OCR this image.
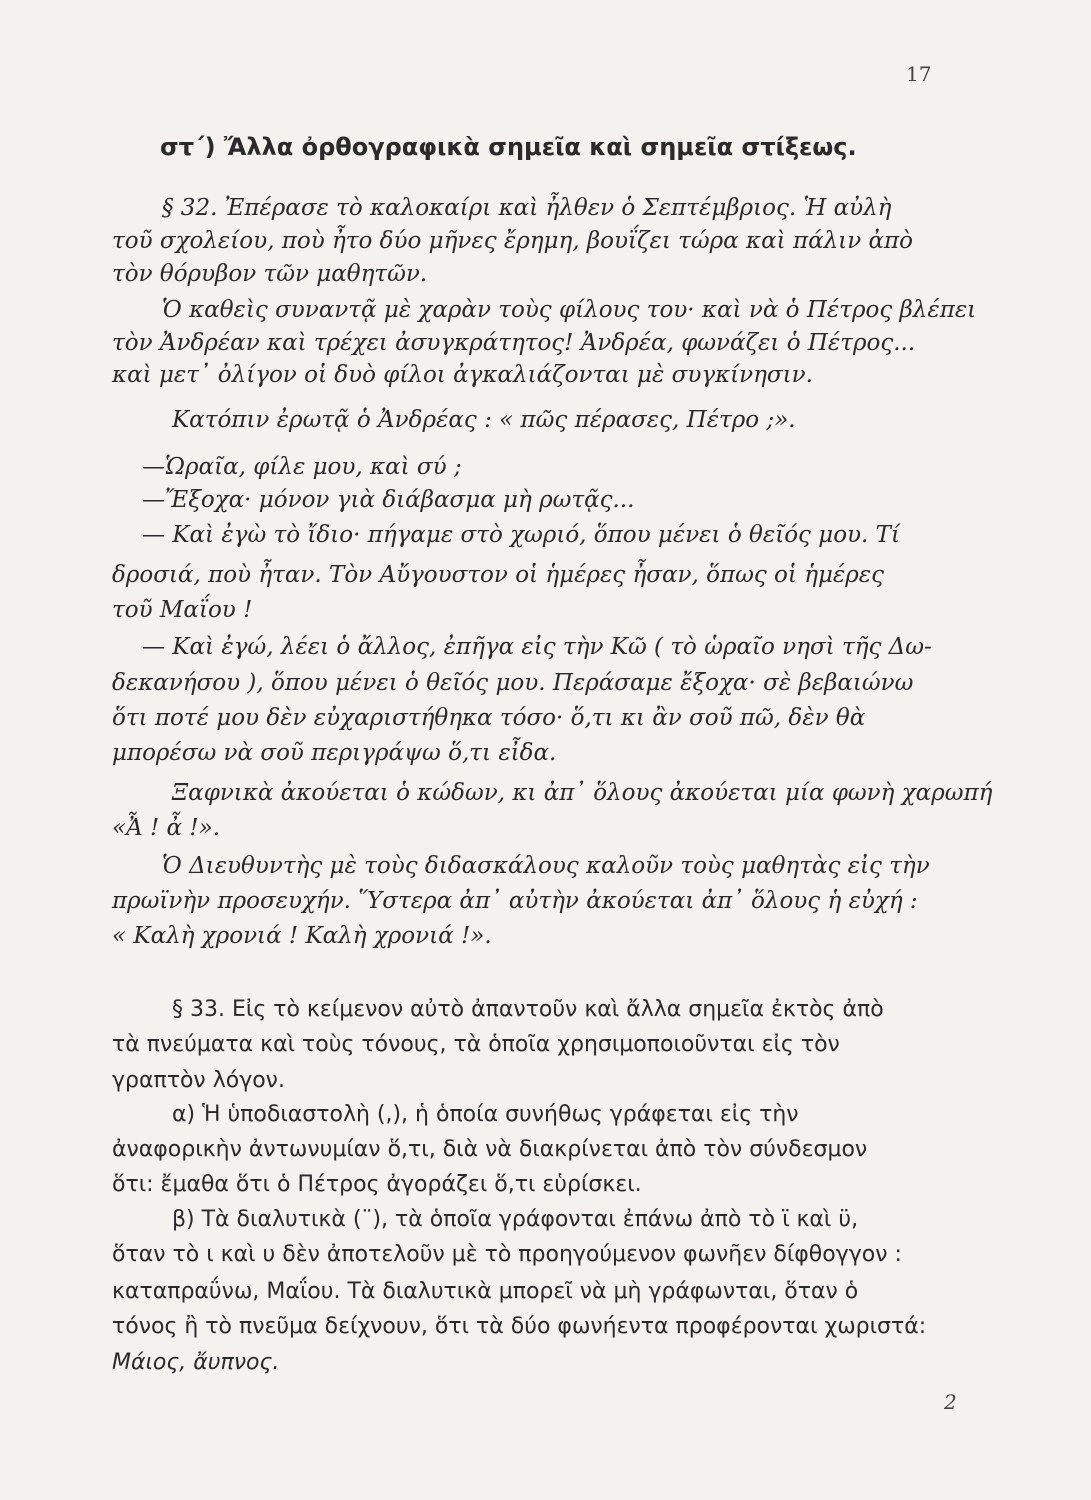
17
στ΄) Ἄλλα ὀρθογραφικὰ σημεῖα καὶ σημεῖα στίξεως.
§ 32. Ἐπέρασε τὸ καλοκαίρι καὶ ἦλθεν ὁ Σεπτέμβριος. Ἡ αὐλὴ
τοῦ σχολείου, ποὺ ἦτο δύο μῆνες ἔρημη, βουΐζει τώρα καὶ πάλιν ἀπὸ
τὸν θόρυβον τῶν μαθητῶν.
Ὁ καθεὶς συναντᾷ μὲ χαρὰν τοὺς φίλους του· καὶ νὰ ὁ Πέτρος βλέπει
τὸν Ἀνδρέαν καὶ τρέχει ἀσυγκράτητος! Ἀνδρέα, φωνάζει ὁ Πέτρος...
καὶ μετ᾽ ὀλίγον οἱ δυὸ φίλοι ἀγκαλιάζονται μὲ συγκίνησιν.
Κατόπιν ἐρωτᾷ ὁ Ἀνδρέας : « πῶς πέρασες, Πέτρο ;».
—Ὡραῖα, φίλε μου, καὶ σύ ;
—Ἔξοχα· μόνον γιὰ διάβασμα μὴ ρωτᾷς...
— Καὶ ἐγὼ τὸ ἴδιο· πήγαμε στὸ χωριό, ὅπου μένει ὁ θεῖός μου. Τί
δροσιά, ποὺ ἦταν. Τὸν Αὔγουστον οἱ ἡμέρες ἦσαν, ὅπως οἱ ἡμέρες
τοῦ Μαΐου !
— Καὶ ἐγώ, λέει ὁ ἄλλος, ἐπῆγα εἰς τὴν Κῶ ( τὸ ὡραῖο νησὶ τῆς Δω-
δεκανήσου ), ὅπου μένει ὁ θεῖός μου. Περάσαμε ἔξοχα· σὲ βεβαιώνω
ὅτι ποτέ μου δὲν εὐχαριστήθηκα τόσο· ὅ,τι κι ἂν σοῦ πῶ, δὲν θὰ
μπορέσω νὰ σοῦ περιγράψω ὅ,τι εἶδα.
Ξαφνικὰ ἀκούεται ὁ κώδων, κι ἀπ᾽ ὅλους ἀκούεται μία φωνὴ χαρωπή
«Ἆ ! ἆ !».
Ὁ Διευθυντὴς μὲ τοὺς διδασκάλους καλοῦν τοὺς μαθητὰς εἰς τὴν
πρωϊνὴν προσευχήν. Ὕστερα ἀπ᾽ αὐτὴν ἀκούεται ἀπ᾽ ὅλους ἡ εὐχή :
« Καλὴ χρονιά ! Καλὴ χρονιά !».
§ 33. Εἰς τὸ κείμενον αὐτὸ ἀπαντοῦν καὶ ἄλλα σημεῖα ἐκτὸς ἀπὸ
τὰ πνεύματα καὶ τοὺς τόνους, τὰ ὁποῖα χρησιμοποιοῦνται εἰς τὸν
γραπτὸν λόγον.
α) Ἡ ὑποδιαστολὴ (,), ἡ ὁποία συνήθως γράφεται εἰς τὴν
ἀναφορικὴν ἀντωνυμίαν ὅ,τι, διὰ νὰ διακρίνεται ἀπὸ τὸν σύνδεσμον
ὅτι: ἔμαθα ὅτι ὁ Πέτρος ἀγοράζει ὅ,τι εὑρίσκει.
β) Τὰ διαλυτικὰ (¨), τὰ ὁποῖα γράφονται ἐπάνω ἀπὸ τὸ ϊ καὶ ϋ,
ὅταν τὸ ι καὶ υ δὲν ἀποτελοῦν μὲ τὸ προηγούμενον φωνῆεν δίφθογγον :
καταπραΰνω, Μαΐου. Τὰ διαλυτικὰ μπορεῖ νὰ μὴ γράφωνται, ὅταν ὁ
τόνος ἢ τὸ πνεῦμα δείχνουν, ὅτι τὰ δύο φωνήεντα προφέρονται χωριστά:
Μάιος, ἄυπνος.
2
